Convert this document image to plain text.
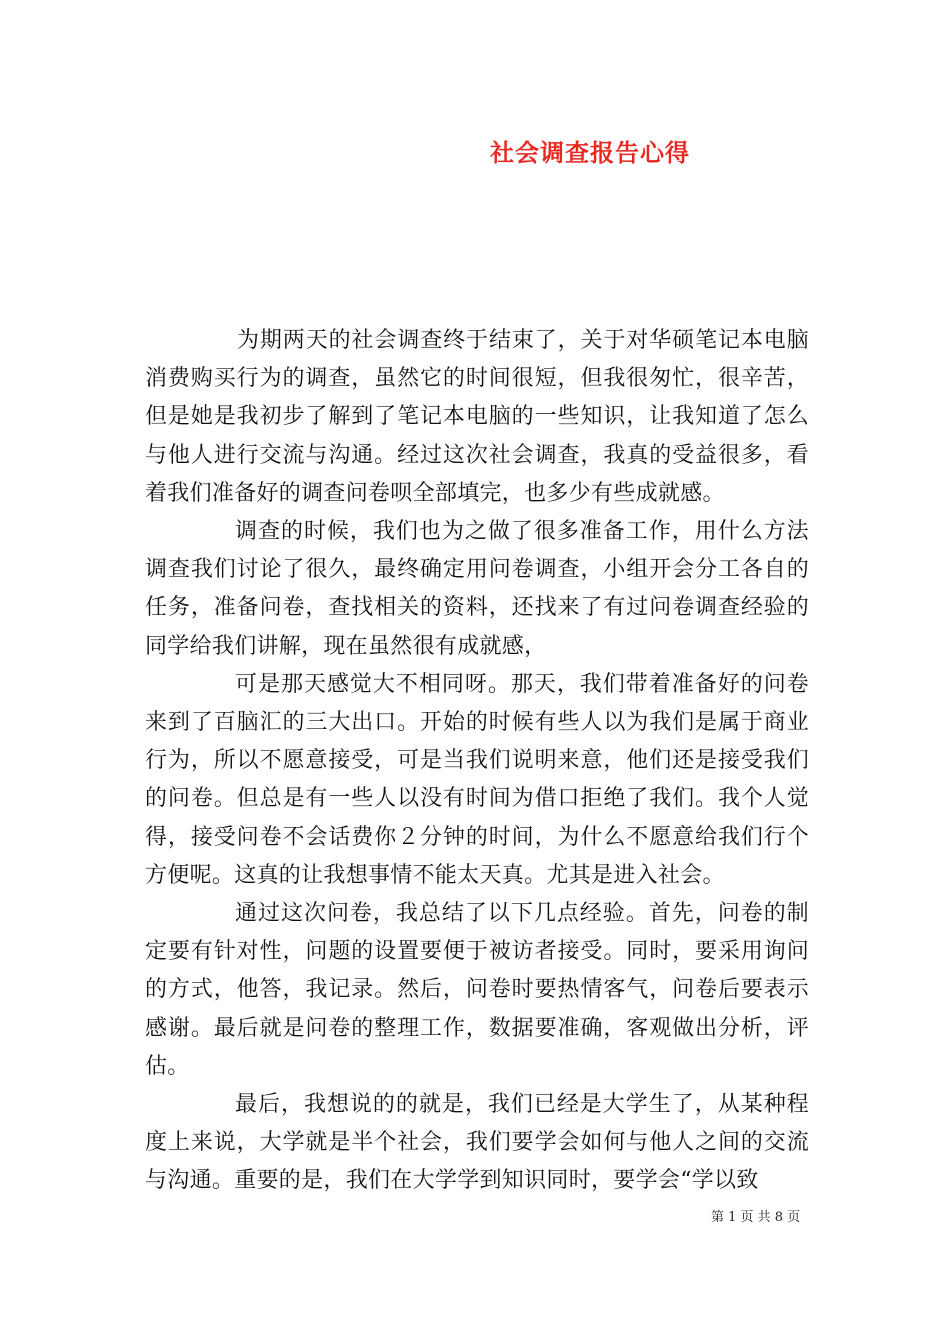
社会调查报告心得

为期两天的社会调查终于结束了，关于对华硕笔记本电脑消费购买行为的调查，虽然它的时间很短，但我很匆忙，很辛苦，但是她是我初步了解到了笔记本电脑的一些知识，让我知道了怎么与他人进行交流与沟通。经过这次社会调查，我真的受益很多，看着我们准备好的调查问卷呗全部填完，也多少有些成就感。

调查的时候，我们也为之做了很多准备工作，用什么方法调查我们讨论了很久，最终确定用问卷调查，小组开会分工各自的任务，准备问卷，查找相关的资料，还找来了有过问卷调查经验的同学给我们讲解，现在虽然很有成就感，

可是那天感觉大不相同呀。那天，我们带着准备好的问卷来到了百脑汇的三大出口。开始的时候有些人以为我们是属于商业行为，所以不愿意接受，可是当我们说明来意，他们还是接受我们的问卷。但总是有一些人以没有时间为借口拒绝了我们。我个人觉得，接受问卷不会话费你２分钟的时间，为什么不愿意给我们行个方便呢。这真的让我想事情不能太天真。尤其是进入社会。

通过这次问卷，我总结了以下几点经验。首先，问卷的制定要有针对性，问题的设置要便于被访者接受。同时，要采用询问的方式，他答，我记录。然后，问卷时要热情客气，问卷后要表示感谢。最后就是问卷的整理工作，数据要准确，客观做出分析，评估。

最后，我想说的的就是，我们已经是大学生了，从某种程度上来说，大学就是半个社会，我们要学会如何与他人之间的交流与沟通。重要的是，我们在大学学到知识同时，要学会“学以致

第 1 页 共 8 页
